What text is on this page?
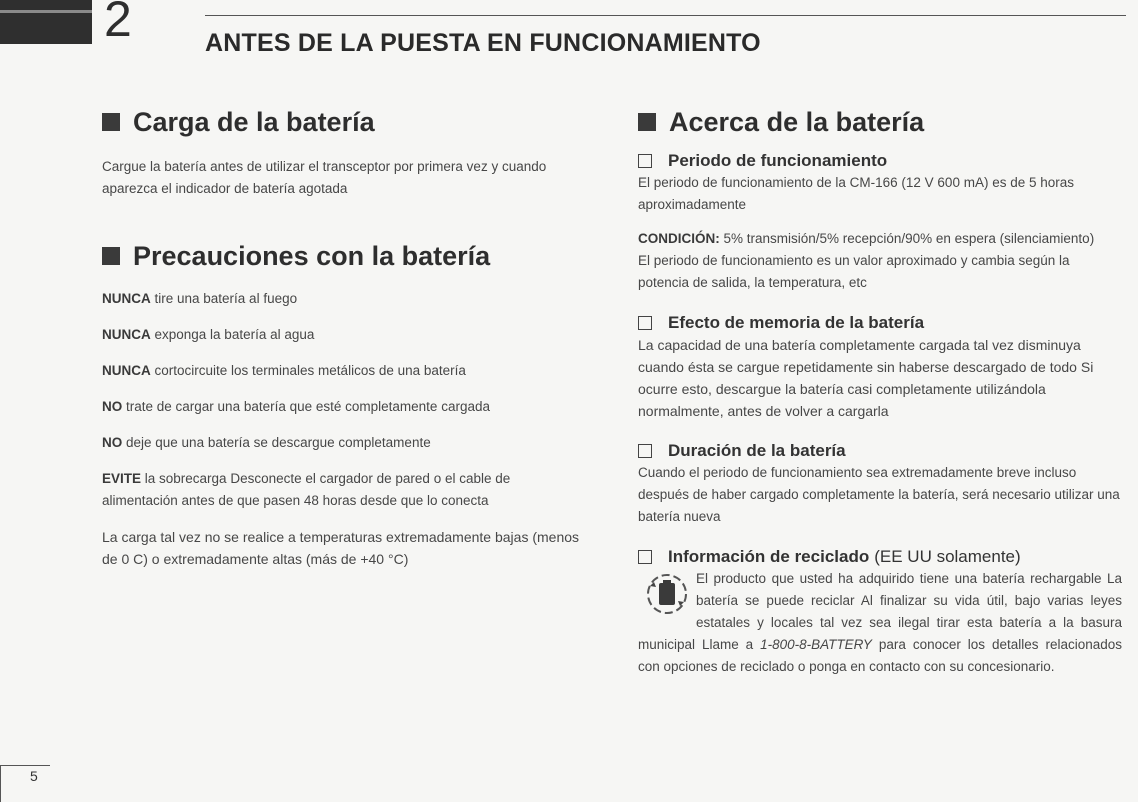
2	ANTES DE LA PUESTA EN FUNCIONAMIENTO
Carga de la batería

Cargue la batería antes de utilizar el transceptor por primera vez y cuando aparezca el indicador de batería agotada

Precauciones con la batería

NUNCA tire una batería al fuego

NUNCA exponga la batería al agua

NUNCA cortocircuite los terminales metálicos de una batería

NO trate de cargar una batería que esté completamente cargada

NO deje que una batería se descargue completamente

EVITE la sobrecarga Desconecte el cargador de pared o el cable de alimentación antes de que pasen 48 horas desde que lo conecta

La carga tal vez no se realice a temperaturas extremadamente bajas (menos de 0 C) o extremadamente altas (más de +40 °C)

Acerca de la batería
Periodo de funcionamiento

El periodo de funcionamiento de la CM-166 (12 V 600 mA) es de 5 horas aproximadamente

CONDICIÓN: 5% transmisión/5% recepción/90% en espera (silenciamiento)

El periodo de funcionamiento es un valor aproximado y cambia según la potencia de salida, la temperatura, etc

Efecto de memoria de la batería

La capacidad de una batería completamente cargada tal vez disminuya cuando ésta se cargue repetidamente sin haberse descargado de todo Si ocurre esto, descargue la batería casi completamente utilizándola normalmente, antes de volver a cargarla

Duración de la batería

Cuando el periodo de funcionamiento sea extremadamente breve incluso después de haber cargado completamente la batería, será necesario utilizar una batería nueva

Información de reciclado (EE UU solamente)

El producto que usted ha adquirido tiene una batería rechargable La batería se puede reciclar Al finalizar su vida útil, bajo varias leyes estatales y locales tal vez sea ilegal tirar esta batería a la basura municipal Llame a 1-800-8-BATTERY para conocer los detalles relacionados con opciones de reciclado o ponga en contacto con su concesionario.

5
